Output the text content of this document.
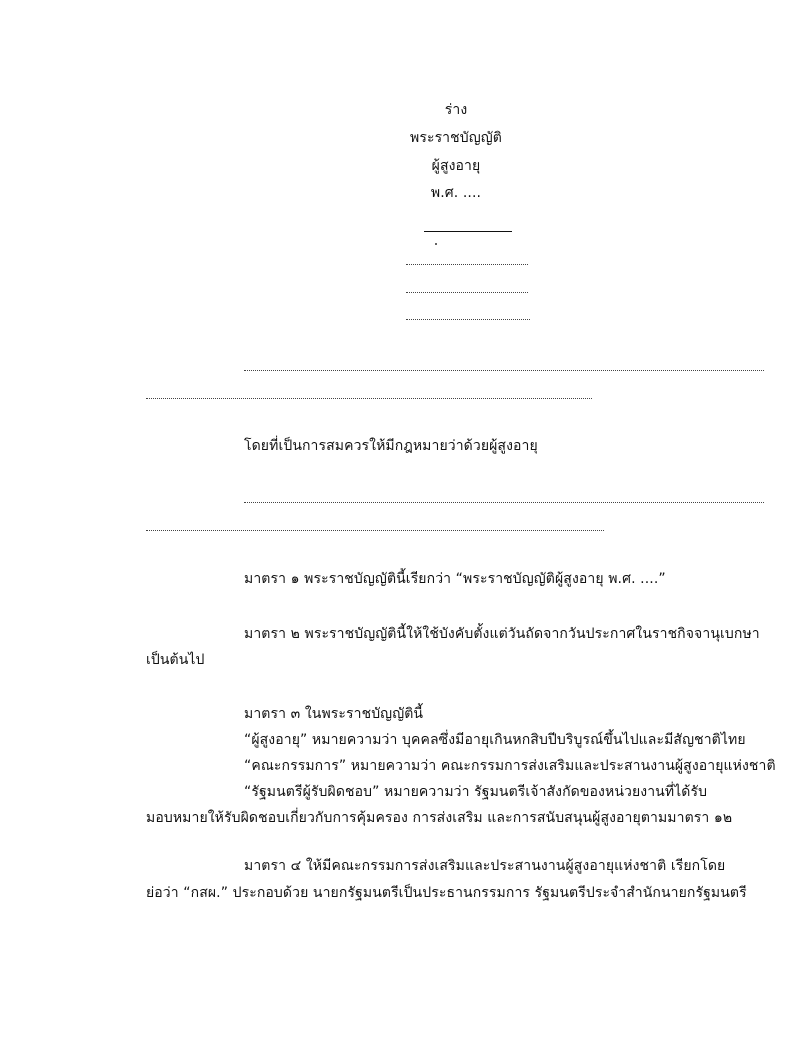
ร่าง
พระราชบัญญัติ
ผู้สูงอายุ
พ.ศ. ....
โดยที่เป็นการสมควรให้มีกฎหมายว่าด้วยผู้สูงอายุ
มาตรา ๑ พระราชบัญญัตินี้เรียกว่า “พระราชบัญญัติผู้สูงอายุ พ.ศ. ....”
มาตรา ๒ พระราชบัญญัตินี้ให้ใช้บังคับตั้งแต่วันถัดจากวันประกาศในราชกิจจานุเบกษา
เป็นต้นไป
มาตรา ๓ ในพระราชบัญญัตินี้
“ผู้สูงอายุ” หมายความว่า บุคคลซึ่งมีอายุเกินหกสิบปีบริบูรณ์ขึ้นไปและมีสัญชาติไทย
“คณะกรรมการ” หมายความว่า คณะกรรมการส่งเสริมและประสานงานผู้สูงอายุแห่งชาติ
“รัฐมนตรีผู้รับผิดชอบ” หมายความว่า รัฐมนตรีเจ้าสังกัดของหน่วยงานที่ได้รับ
มอบหมายให้รับผิดชอบเกี่ยวกับการคุ้มครอง การส่งเสริม และการสนับสนุนผู้สูงอายุตามมาตรา ๑๒
มาตรา ๔ ให้มีคณะกรรมการส่งเสริมและประสานงานผู้สูงอายุแห่งชาติ เรียกโดย
ย่อว่า “กสผ.” ประกอบด้วย นายกรัฐมนตรีเป็นประธานกรรมการ รัฐมนตรีประจำสำนักนายกรัฐมนตรี
